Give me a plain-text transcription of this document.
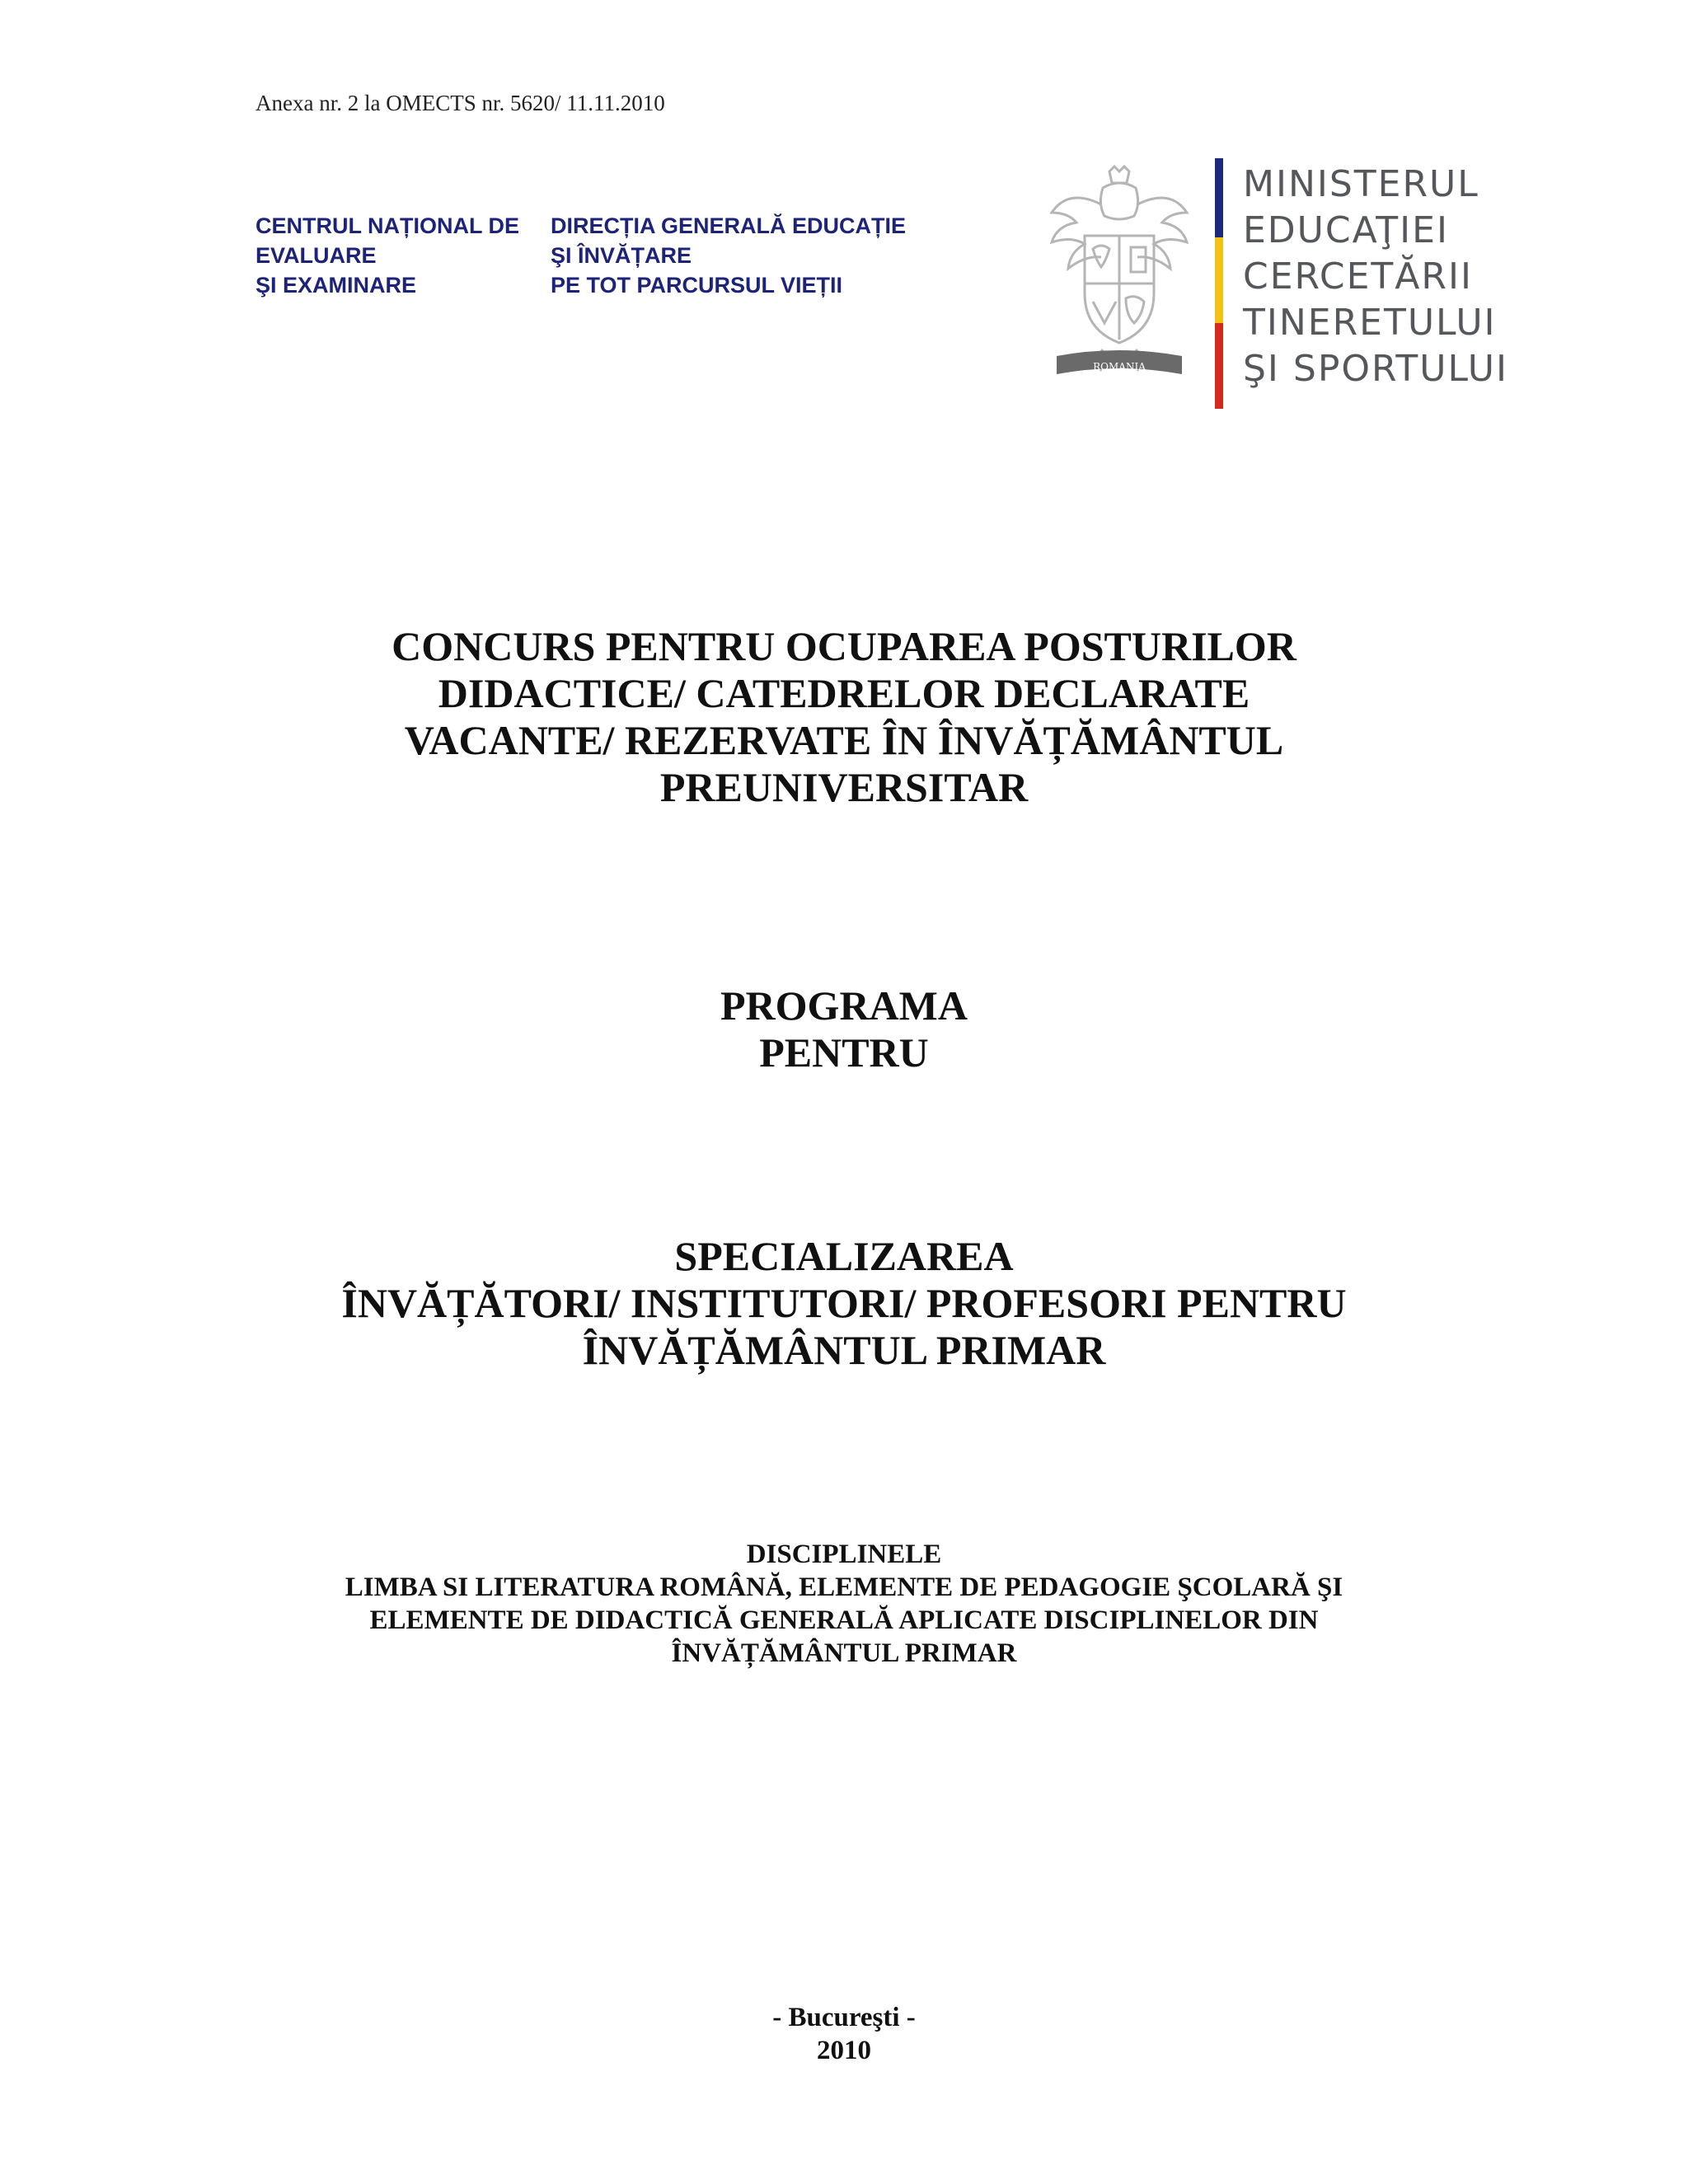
Anexa nr. 2 la OMECTS nr. 5620/ 11.11.2010
CENTRUL NAȚIONAL DE
EVALUARE
ŞI EXAMINARE
DIRECȚIA GENERALĂ EDUCAȚIE
ŞI ÎNVĂȚARE
PE TOT PARCURSUL VIEȚII
ROMANIA
MINISTERUL
EDUCAŢIEI
CERCETĂRII
TINERETULUI
ŞI SPORTULUI
CONCURS PENTRU OCUPAREA POSTURILOR
DIDACTICE/ CATEDRELOR DECLARATE
VACANTE/ REZERVATE ÎN ÎNVĂȚĂMÂNTUL
PREUNIVERSITAR
PROGRAMA
PENTRU
SPECIALIZAREA
ÎNVĂȚĂTORI/ INSTITUTORI/ PROFESORI PENTRU
ÎNVĂȚĂMÂNTUL PRIMAR
DISCIPLINELE
LIMBA SI LITERATURA ROMÂNĂ, ELEMENTE DE PEDAGOGIE ŞCOLARĂ ŞI
ELEMENTE DE DIDACTICĂ GENERALĂ APLICATE DISCIPLINELOR DIN
ÎNVĂȚĂMÂNTUL PRIMAR
- Bucureşti -
2010
